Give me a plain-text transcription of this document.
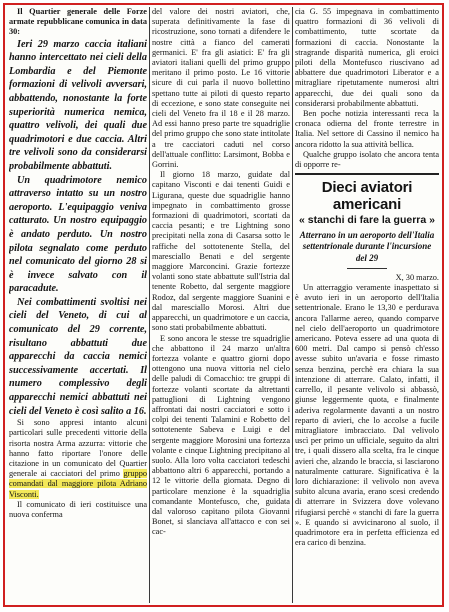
Il Quartier generale delle Forze armate repubblicane comunica in data 30:

Ieri 29 marzo caccia italiani hanno intercettato nei cieli della Lombardia e del Piemonte formazioni di velivoli avversari, abbattendo, nonostante la forte superiorità numerica nemica, quattro velivoli, dei quali due quadrimotori e due caccia. Altri tre velivoli sono da considerarsi probabilmente abbattuti.

Un quadrimotore nemico attraverso intatto su un nostro aeroporto. L'equipaggio veniva catturato. Un nostro equipaggio è andato perduto. Un nostro pilota segnalato come perduto nel comunicato del giorno 28 si è invece salvato con il paracadute.

Nei combattimenti svoltisi nei cieli del Veneto, di cui al comunicato del 29 corrente, risultano abbattuti due apparecchi da caccia nemici successivamente accertati. Il numero complessivo degli apparecchi nemici abbattuti nei cieli del Veneto è così salito a 16.

Si sono appresi intanto alcuni particolari sulle precedenti vittorie della risorta nostra Arma azzurra: vittorie che hanno fatto riportare l'onore delle citazione in un comunicato del Quartier generale ai cacciatori del primo gruppo comandati dal maggiore pilota Adriano Visconti.

Il comunicato di ieri costituisce una nuova conferma

del valore dei nostri aviatori, che, superata definitivamente la fase di ricostruzione, sono tornati a difendere le nostre città a fianco del camerati germanici. E' fra gli asiatici: E' fra gli aviatori italiani quelli del primo gruppo meritano il primo posto. Le 16 vittorie sicure di cui parla il nuovo bollettino spettano tutte ai piloti di questo reparto di eccezione, e sono state conseguite nei cieli del Veneto fra il 18 e il 28 marzo. Ad essi hanno preso parte tre squadriglie del primo gruppo che sono state intitolate a tre cacciatori caduti nel corso dell'attuale conflitto: Larsimont, Bobba e Gorrini.

Il giorno 18 marzo, guidate dal capitano Visconti e dai tenenti Guidi e Ligurana, queste due squadriglie hanno impegnato in combattimento grosse formazioni di quadrimotori, scortati da caccia pesanti; e tre Lightning sono precipitati nella zona di Casarsa sotto le raffiche del sottotenente Stella, del maresciallo Benati e del sergente maggiore Marconcini. Grazie fortezze volanti sono state abbattute sull'Istria dal tenente Robetto, dal sergente maggiore Rodoz, dal sergente maggiore Suanini e dal maresciallo Morosi. Altri due apparecchi, un quadrimotore e un caccia, sono stati probabilmente abbattuti.

E sono ancora le stesse tre squadriglie che abbattono il 24 marzo un'altra fortezza volante e quattro giorni dopo ottengono una nuova vittoria nel cielo delle paludi di Comacchio: tre gruppi di fortezze volanti scortate da altrettanti pattuglioni di Lightning vengono affrontati dai nostri cacciatori e sotto i colpi dei tenenti Talamini e Robetto del sottotenente Sabeva e Luigi e del sergente maggiore Morosini una fortezza volante e cinque Lightning precipitano al suolo. Alla loro volta cacciatori tedeschi abbattono altri 6 apparecchi, portando a 12 le vittorie della giornata. Degno di particolare menzione è la squadriglia comandante Montefusco, che, guidata dal valoroso capitano pilota Giovanni Bonet, si slanciava all'attacco e con sei cac-

cia G. 55 impegnava in combattimento quattro formazioni di 36 velivoli di combattimento, tutte scortate da formazioni di caccia. Nonostante la stragrande disparità numerica, gli eroici piloti della Montefusco riuscivano ad abbattere due quadrimotori Liberator e a mitragliare ripetutamente numerosi altri apparecchi, due dei quali sono da considerarsi probabilmente abbattuti.

Ben poche notizia interessanti reca la cronaca odierna del fronte terrestre in Italia. Nel settore di Cassino il nemico ha ancora ridotto la sua attività bellica.

Qualche gruppo isolato che ancora tenta di opporre re-

Dieci aviatori americani

« stanchi di fare la guerra »

Atterrano in un aeroporto dell'Italia settentrionale durante l'incursione del 29

X, 30 marzo.

Un atterraggio veramente inaspettato si è avuto ieri in un aeroporto dell'Italia settentrionale. Erano le 13,30 e perdurava ancora l'allarme aereo, quando comparve nel cielo dell'aeroporto un quadrimotore americano. Poteva essere ad una quota di 600 metri. Dal campo si pensò ch'esso avesse subito un'avaria e fosse rimasto senza benzina, perchè era chiara la sua intenzione di atterrare. Calato, infatti, il carrello, il pesante velivolo si abbassò, giunse leggermente quota, e finalmente aderiva regolarmente davanti a un nostro reparto di avieri, che lo accolse a fucile mitragliatore imbracciato. Dal velivolo uscì per primo un ufficiale, seguito da altri tre, i quali dissero alla scelta, fra le cinque avieri che, alzando le braccia, si lasciarono naturalmente catturare. Significativa è la loro dichiarazione: il velivolo non aveva subito alcuna avaria, erano scesi credendo di atterrare in Svizzera dove volevano rifugiarsi perchè « stanchi di fare la guerra ». E quando si avvicinarono al suolo, il quadrimotore era in perfetta efficienza ed era carico di benzina.
